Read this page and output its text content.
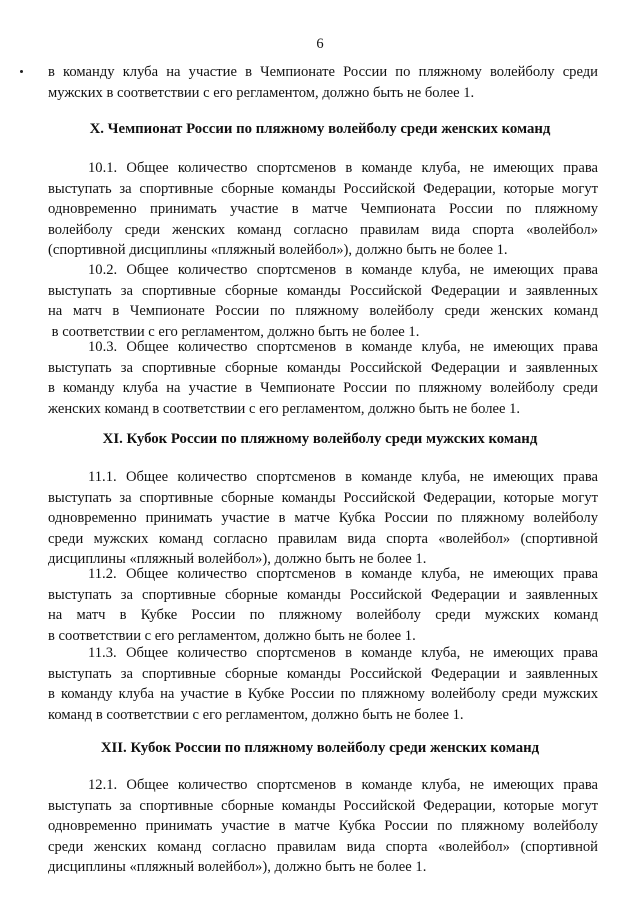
6
в команду клуба на участие в Чемпионате России по пляжному волейболу среди
мужских в соответствии с его регламентом, должно быть не более 1.
X. Чемпионат России по пляжному волейболу среди женских команд
10.1. Общее количество спортсменов в команде клуба, не имеющих права
выступать за спортивные сборные команды Российской Федерации, которые могут
одновременно принимать участие в матче Чемпионата России по пляжному
волейболу среди женских команд согласно правилам вида спорта «волейбол»
(спортивной дисциплины «пляжный волейбол»), должно быть не более 1.
10.2. Общее количество спортсменов в команде клуба, не имеющих права
выступать за спортивные сборные команды Российской Федерации и заявленных
на матч в Чемпионате России по пляжному волейболу среди женских команд
в соответствии с его регламентом, должно быть не более 1.
10.3. Общее количество спортсменов в команде клуба, не имеющих права
выступать за спортивные сборные команды Российской Федерации и заявленных
в команду клуба на участие в Чемпионате России по пляжному волейболу среди
женских команд в соответствии с его регламентом, должно быть не более 1.
XI. Кубок России по пляжному волейболу среди мужских команд
11.1. Общее количество спортсменов в команде клуба, не имеющих права
выступать за спортивные сборные команды Российской Федерации, которые могут
одновременно принимать участие в матче Кубка России по пляжному волейболу
среди мужских команд согласно правилам вида спорта «волейбол» (спортивной
дисциплины «пляжный волейбол»), должно быть не более 1.
11.2. Общее количество спортсменов в команде клуба, не имеющих права
выступать за спортивные сборные команды Российской Федерации и заявленных
на матч в Кубке России по пляжному волейболу среди мужских команд
в соответствии с его регламентом, должно быть не более 1.
11.3. Общее количество спортсменов в команде клуба, не имеющих права
выступать за спортивные сборные команды Российской Федерации и заявленных
в команду клуба на участие в Кубке России по пляжному волейболу среди мужских
команд в соответствии с его регламентом, должно быть не более 1.
XII. Кубок России по пляжному волейболу среди женских команд
12.1. Общее количество спортсменов в команде клуба, не имеющих права
выступать за спортивные сборные команды Российской Федерации, которые могут
одновременно принимать участие в матче Кубка России по пляжному волейболу
среди женских команд согласно правилам вида спорта «волейбол» (спортивной
дисциплины «пляжный волейбол»), должно быть не более 1.
